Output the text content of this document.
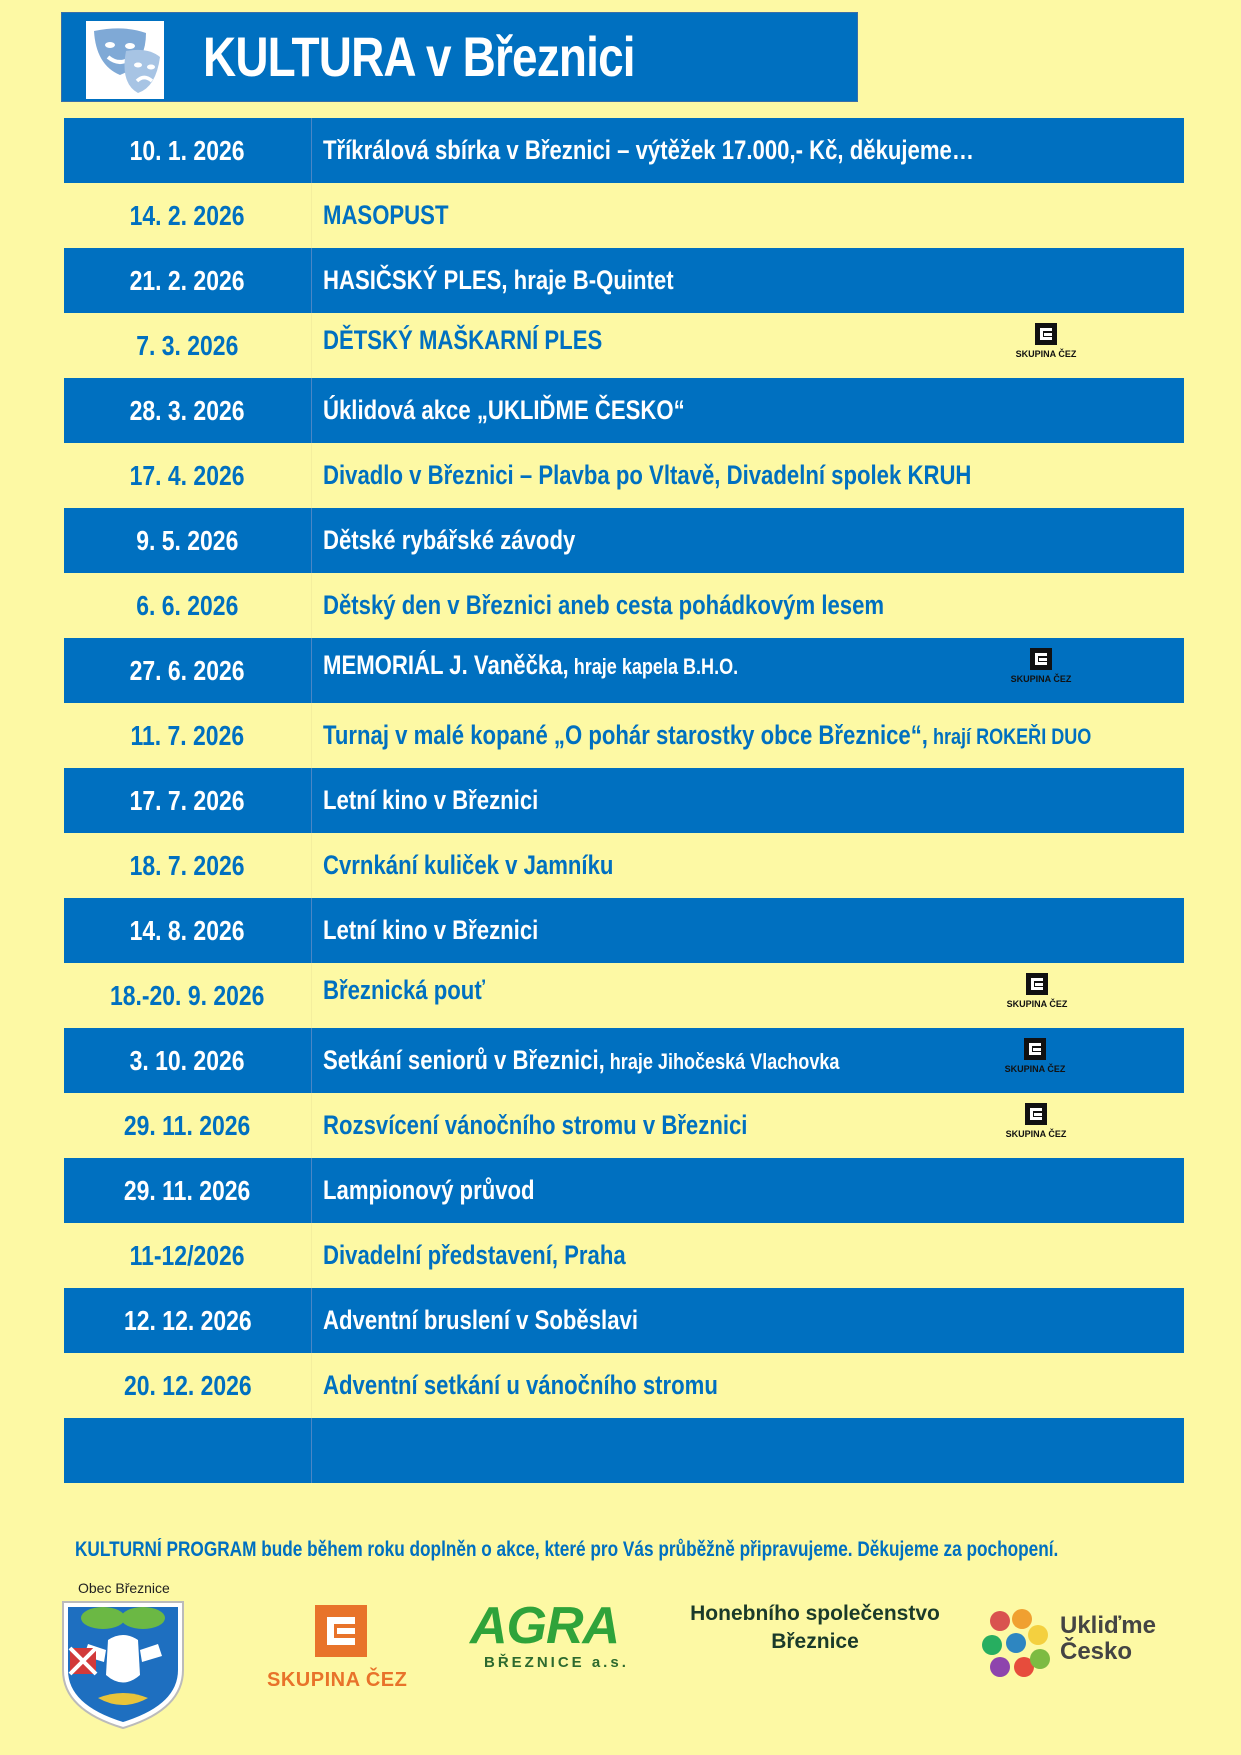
KULTURA v Březnici
10. 1. 2026	Tříkrálová sbírka v Březnici – výtěžek 17.000,- Kč, děkujeme…
14. 2. 2026	MASOPUST
21. 2. 2026	HASIČSKÝ PLES, hraje B-Quintet
7. 3. 2026	DĚTSKÝ MAŠKARNÍ PLES	SKUPINA ČEZ
28. 3. 2026	Úklidová akce „UKLIĎME ČESKO“
17. 4. 2026	Divadlo v Březnici – Plavba po Vltavě, Divadelní spolek KRUH
9. 5. 2026	Dětské rybářské závody
6. 6. 2026	Dětský den v Březnici aneb cesta pohádkovým lesem
27. 6. 2026	MEMORIÁL J. Vaněčka, hraje kapela B.H.O.	SKUPINA ČEZ
11. 7. 2026	Turnaj v malé kopané „O pohár starostky obce Březnice“, hrají ROKEŘI DUO
17. 7. 2026	Letní kino v Březnici
18. 7. 2026	Cvrnkání kuliček v Jamníku
14. 8. 2026	Letní kino v Březnici
18.-20. 9. 2026 Březnická pouť	SKUPINA ČEZ
3. 10. 2026	Setkání seniorů v Březnici, hraje Jihočeská Vlachovka	SKUPINA ČEZ
29. 11. 2026	Rozsvícení vánočního stromu v Březnici	SKUPINA ČEZ
29. 11. 2026	Lampionový průvod
11-12/2026	Divadelní představení, Praha
12. 12. 2026	Adventní bruslení v Soběslavi
20. 12. 2026	Adventní setkání u vánočního stromu
KULTURNÍ PROGRAM bude během roku doplněn o akce, které pro Vás průběžně připravujeme. Děkujeme za pochopení.
Obec Březnice
SKUPINA ČEZ
AGRA
BŘEZNICE a.s.
Honebního společenstvo
Březnice
Ukliďme
Česko
